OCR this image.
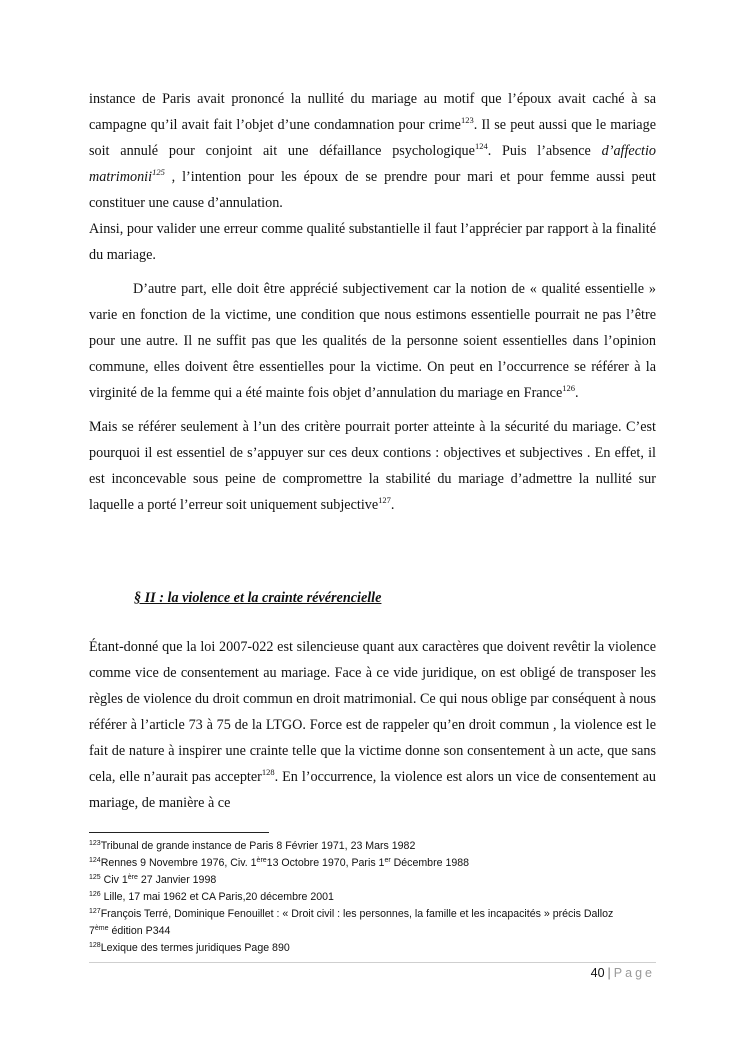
instance de Paris avait prononcé la nullité du mariage au motif que l’époux avait caché à sa campagne qu’il avait fait l’objet d’une condamnation pour crime$^{123}$. Il se peut aussi que le mariage soit annulé pour conjoint ait une défaillance psychologique$^{124}$. Puis l’absence d’affectio matrimonii$^{125}$ , l’intention pour les époux de se prendre pour mari et pour femme aussi peut constituer une cause d’annulation.

Ainsi, pour valider une erreur comme qualité substantielle il faut l’apprécier par rapport à la finalité du mariage.

D’autre part, elle doit être apprécié subjectivement car la notion de « qualité essentielle » varie en fonction de la victime, une condition que nous estimons essentielle pourrait ne pas l’être pour une autre. Il ne suffit pas que les qualités de la personne soient essentielles dans l’opinion commune, elles doivent être essentielles pour la victime. On peut en l’occurrence se référer à la virginité de la femme qui a été mainte fois objet d’annulation du mariage en France$^{126}$.

Mais se référer seulement à l’un des critère pourrait porter atteinte à la sécurité du mariage. C’est pourquoi il est essentiel de s’appuyer sur ces deux contions : objectives et subjectives . En effet, il est inconcevable sous peine de compromettre la stabilité du mariage d’admettre la nullité sur laquelle a porté l’erreur soit uniquement subjective$^{127}$.

§ II : la violence et la crainte révérencielle

Étant-donné que la loi 2007-022 est silencieuse quant aux caractères que doivent revêtir la violence comme vice de consentement au mariage. Face à ce vide juridique, on est obligé de transposer les règles de violence du droit commun en droit matrimonial. Ce qui nous oblige par conséquent à nous référer à l’article 73 à 75 de la LTGO. Force est de rappeler qu’en droit commun , la violence est le fait de nature à inspirer une crainte telle que la victime donne son consentement à un acte, que sans cela, elle n’aurait pas accepter$^{128}$. En l’occurrence, la violence est alors un vice de consentement au mariage, de manière à ce

$^{123}$Tribunal de grande instance de Paris 8 Février 1971, 23 Mars 1982
$^{124}$Rennes 9 Novembre 1976, Civ. 1ère13 Octobre 1970, Paris 1er Décembre 1988
$^{125}$ Civ 1ère 27 Janvier 1998
$^{126}$ Lille, 17 mai 1962 et CA Paris,20 décembre 2001
$^{127}$François Terré, Dominique Fenouillet : « Droit civil : les personnes, la famille et les incapacités » précis Dalloz
7ème édition P344
$^{128}$Lexique des termes juridiques Page 890
40 | Page
